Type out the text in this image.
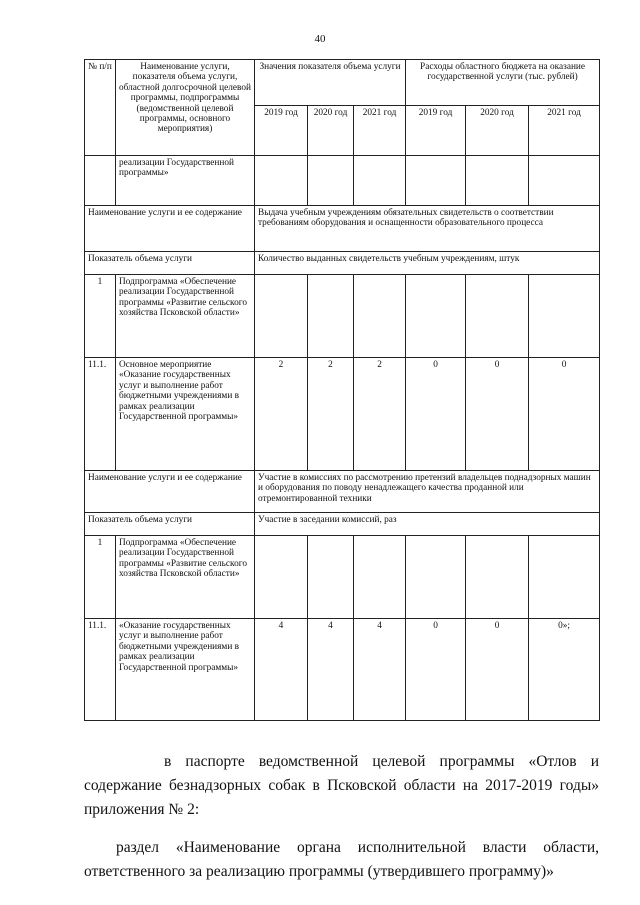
40
№ п/п	Наименование услуги, показателя объема услуги, областной долгосрочной целевой программы, подпрограммы (ведомственной целевой программы, основного мероприятия)	Значения показателя объема услуги			Расходы областного бюджета на оказание государственной услуги (тыс. рублей)		
		2019 год	2020 год	2021 год	2019 год	2020 год	2021 год
	реализации Государственной программы»						
Наименование услуги и ее содержание		Выдача учебным учреждениям обязательных свидетельств о соответствии требованиям оборудования и оснащенности образовательного процесса					
Показатель объема услуги		Количество выданных свидетельств учебным учреждениям, штук					
1	Подпрограмма «Обеспечение реализации Государственной программы «Развитие сельского хозяйства Псковской области»						
11.1.	Основное мероприятие «Оказание государственных услуг и выполнение работ бюджетными учреждениями в рамках реализации Государственной программы»	2	2	2	0	0	0
Наименование услуги и ее содержание		Участие в комиссиях по рассмотрению претензий владельцев поднадзорных машин и оборудования по поводу ненадлежащего качества проданной или отремонтированной техники					
Показатель объема услуги		Участие в заседании комиссий, раз					
1	Подпрограмма «Обеспечение реализации Государственной программы «Развитие сельского хозяйства Псковской области»						
11.1.	«Оказание государственных услуг и выполнение работ бюджетными учреждениями в рамках реализации Государственной программы»	4	4	4	0	0	0»;

в паспорте ведомственной целевой программы «Отлов и содержание безнадзорных собак в Псковской области на 2017-2019 годы» приложения № 2:

раздел «Наименование органа исполнительной власти области, ответственного за реализацию программы (утвердившего программу)»
